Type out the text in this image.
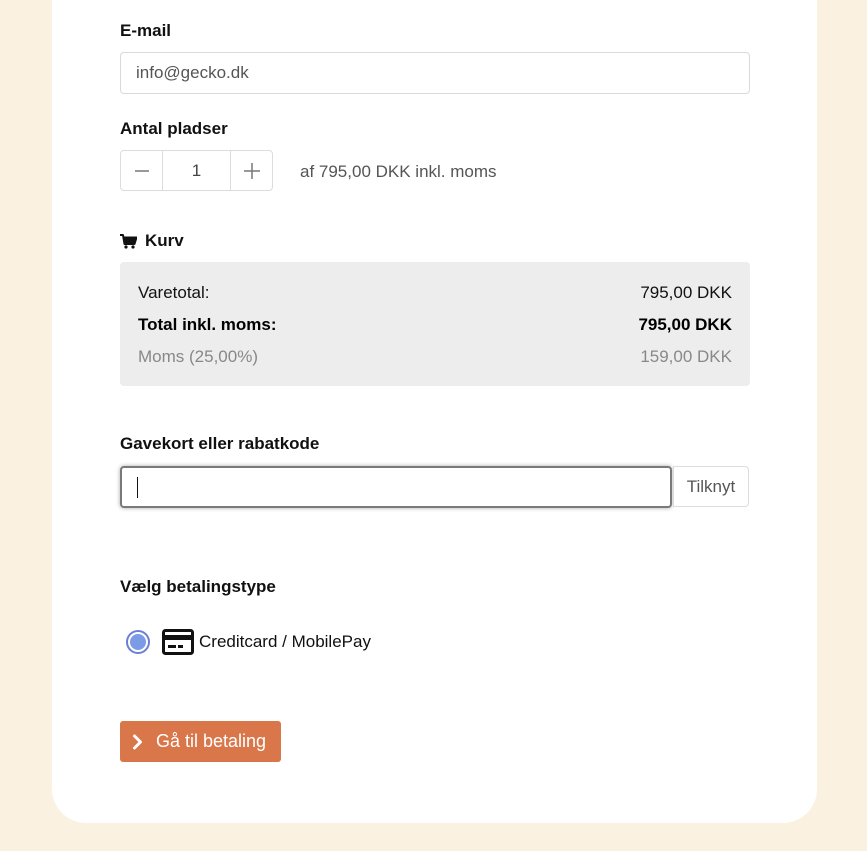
E-mail
info@gecko.dk
Antal pladser
1	af 795,00 DKK inkl. moms
Kurv
Varetotal:	795,00 DKK
Total inkl. moms:	795,00 DKK
Moms (25,00%)	159,00 DKK
Gavekort eller rabatkode
Tilknyt
Vælg betalingstype
Creditcard / MobilePay
Gå til betaling
